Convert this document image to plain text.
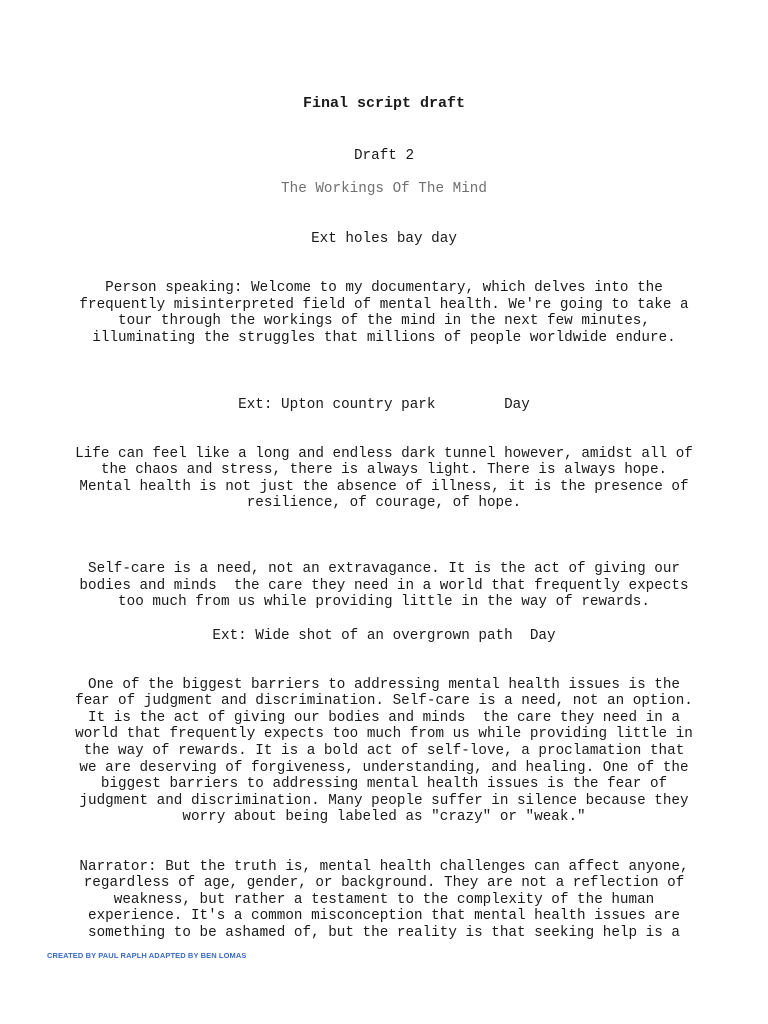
Final script draft
Draft 2
The Workings Of The Mind
Ext holes bay day
Person speaking: Welcome to my documentary, which delves into the
frequently misinterpreted field of mental health. We're going to take a
tour through the workings of the mind in the next few minutes,
illuminating the struggles that millions of people worldwide endure.
Ext: Upton country park        Day
Life can feel like a long and endless dark tunnel however, amidst all of
the chaos and stress, there is always light. There is always hope.
Mental health is not just the absence of illness, it is the presence of
resilience, of courage, of hope.
Self-care is a need, not an extravagance. It is the act of giving our
bodies and minds  the care they need in a world that frequently expects
too much from us while providing little in the way of rewards.
Ext: Wide shot of an overgrown path  Day
One of the biggest barriers to addressing mental health issues is the
fear of judgment and discrimination. Self-care is a need, not an option.
It is the act of giving our bodies and minds  the care they need in a
world that frequently expects too much from us while providing little in
the way of rewards. It is a bold act of self-love, a proclamation that
we are deserving of forgiveness, understanding, and healing. One of the
biggest barriers to addressing mental health issues is the fear of
judgment and discrimination. Many people suffer in silence because they
worry about being labeled as "crazy" or "weak."
Narrator: But the truth is, mental health challenges can affect anyone,
regardless of age, gender, or background. They are not a reflection of
weakness, but rather a testament to the complexity of the human
experience. It's a common misconception that mental health issues are
something to be ashamed of, but the reality is that seeking help is a
CREATED BY PAUL RAPLH ADAPTED BY BEN LOMAS
